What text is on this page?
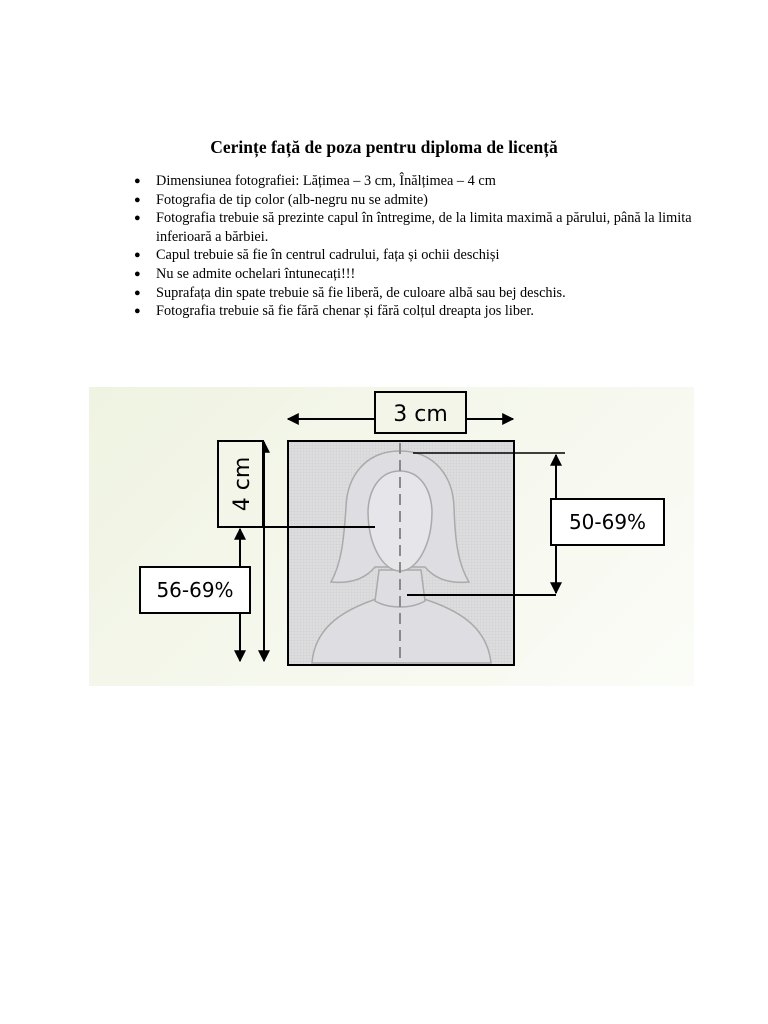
Cerințe față de poza pentru diploma de licență
● Dimensiunea fotografiei: Lățimea – 3 cm, Înălțimea – 4 cm
● Fotografia de tip color (alb-negru nu se admite)
● Fotografia trebuie să prezinte capul în întregime, de la limita maximă a părului, până la limita inferioară a bărbiei.
● Capul trebuie să fie în centrul cadrului, fața și ochii deschiși
● Nu se admite ochelari întunecați!!!
● Suprafața din spate trebuie să fie liberă, de culoare albă sau bej deschis.
● Fotografia trebuie să fie fără chenar și fără colțul dreapta jos liber.
3 cm
4 cm
56-69%
50-69%
